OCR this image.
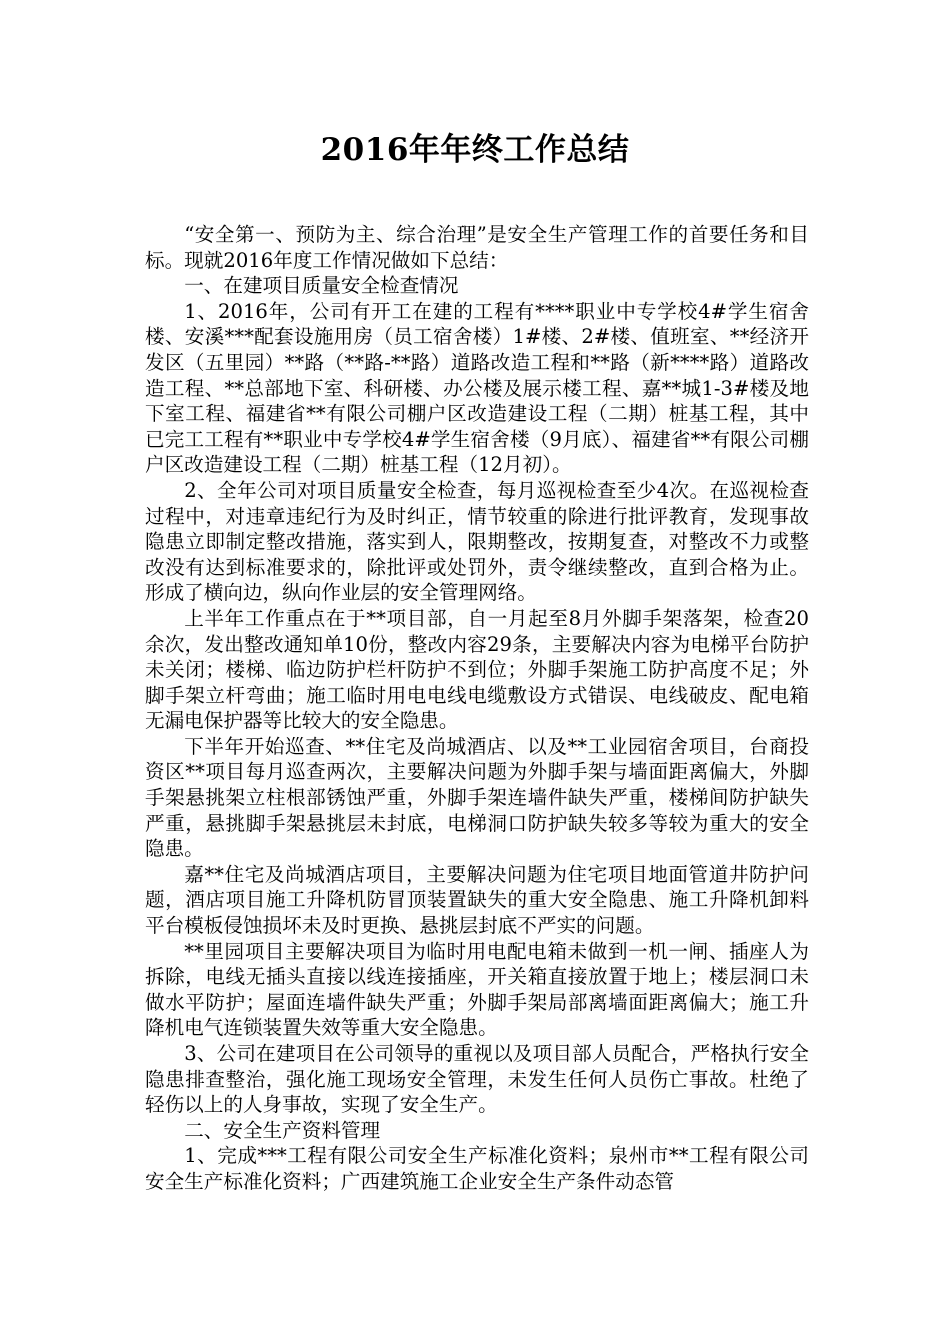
2016年年终工作总结

“安全第一、预防为主、综合治理”是安全生产管理工作的首要任务和目标。现就2016年度工作情况做如下总结：

一、在建项目质量安全检查情况

1、2016年，公司有开工在建的工程有****职业中专学校4#学生宿舍楼、安溪***配套设施用房（员工宿舍楼）1#楼、2#楼、值班室、**经济开发区（五里园）**路（**路-**路）道路改造工程和**路（新****路）道路改造工程、**总部地下室、科研楼、办公楼及展示楼工程、嘉**城1-3#楼及地下室工程、福建省**有限公司棚户区改造建设工程（二期）桩基工程，其中已完工工程有**职业中专学校4#学生宿舍楼（9月底）、福建省**有限公司棚户区改造建设工程（二期）桩基工程（12月初）。

2、全年公司对项目质量安全检查，每月巡视检查至少4次。在巡视检查过程中，对违章违纪行为及时纠正，情节较重的除进行批评教育，发现事故隐患立即制定整改措施，落实到人，限期整改，按期复查，对整改不力或整改没有达到标准要求的，除批评或处罚外，责令继续整改，直到合格为止。形成了横向边，纵向作业层的安全管理网络。

上半年工作重点在于**项目部，自一月起至8月外脚手架落架，检查20余次，发出整改通知单10份，整改内容29条，主要解决内容为电梯平台防护未关闭；楼梯、临边防护栏杆防护不到位；外脚手架施工防护高度不足；外脚手架立杆弯曲；施工临时用电电线电缆敷设方式错误、电线破皮、配电箱无漏电保护器等比较大的安全隐患。

下半年开始巡查、**住宅及尚城酒店、以及**工业园宿舍项目，台商投资区**项目每月巡查两次，主要解决问题为外脚手架与墙面距离偏大，外脚手架悬挑架立柱根部锈蚀严重，外脚手架连墙件缺失严重，楼梯间防护缺失严重，悬挑脚手架悬挑层未封底，电梯洞口防护缺失较多等较为重大的安全隐患。

嘉**住宅及尚城酒店项目，主要解决问题为住宅项目地面管道井防护问题，酒店项目施工升降机防冒顶装置缺失的重大安全隐患、施工升降机卸料平台模板侵蚀损坏未及时更换、悬挑层封底不严实的问题。

**里园项目主要解决项目为临时用电配电箱未做到一机一闸、插座人为拆除，电线无插头直接以线连接插座，开关箱直接放置于地上；楼层洞口未做水平防护；屋面连墙件缺失严重；外脚手架局部离墙面距离偏大；施工升降机电气连锁装置失效等重大安全隐患。

3、公司在建项目在公司领导的重视以及项目部人员配合，严格执行安全隐患排查整治，强化施工现场安全管理，未发生任何人员伤亡事故。杜绝了轻伤以上的人身事故，实现了安全生产。

二、安全生产资料管理

1、完成***工程有限公司安全生产标准化资料；泉州市**工程有限公司安全生产标准化资料；广西建筑施工企业安全生产条件动态管
